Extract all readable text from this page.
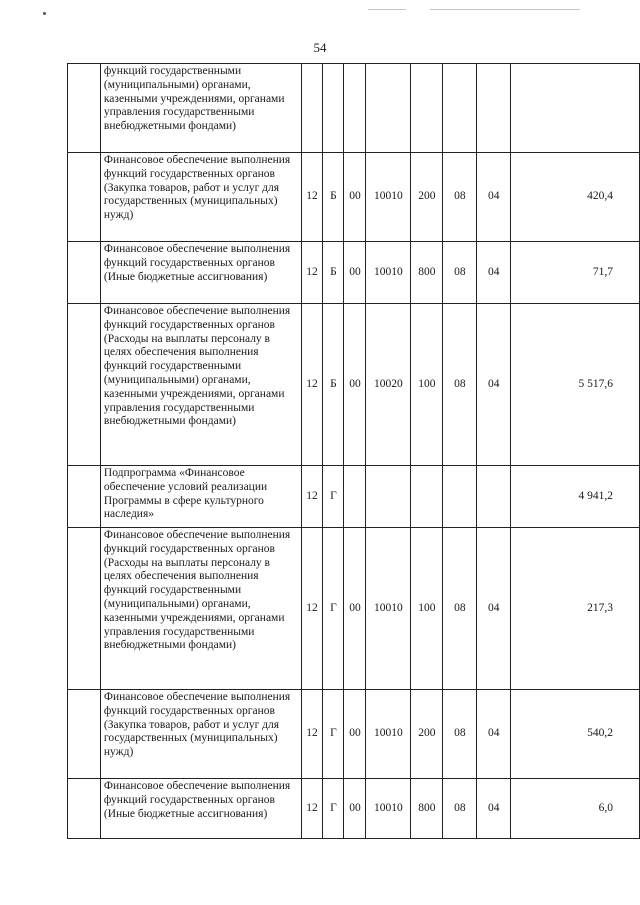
54
	функций государственными (муниципальными) органами, казенными учреждениями, органами управления государственными внебюджетными фондами)								
	Финансовое обеспечение выполнения функций государственных органов (Закупка товаров, работ и услуг для государственных (муниципальных) нужд)	12	Б	00	10010	200	08	04	420,4
	Финансовое обеспечение выполнения функций государственных органов (Иные бюджетные ассигнования)	12	Б	00	10010	800	08	04	71,7
	Финансовое обеспечение выполнения функций государственных органов (Расходы на выплаты персоналу в целях обеспечения выполнения функций государственными (муниципальными) органами, казенными учреждениями, органами управления государственными внебюджетными фондами)	12	Б	00	10020	100	08	04	5 517,6
	Подпрограмма «Финансовое обеспечение условий реализации Программы в сфере культурного наследия»	12	Г						4 941,2
	Финансовое обеспечение выполнения функций государственных органов (Расходы на выплаты персоналу в целях обеспечения выполнения функций государственными (муниципальными) органами, казенными учреждениями, органами управления государственными внебюджетными фондами)	12	Г	00	10010	100	08	04	217,3
	Финансовое обеспечение выполнения функций государственных органов (Закупка товаров, работ и услуг для государственных (муниципальных) нужд)	12	Г	00	10010	200	08	04	540,2
	Финансовое обеспечение выполнения функций государственных органов (Иные бюджетные ассигнования)	12	Г	00	10010	800	08	04	6,0
